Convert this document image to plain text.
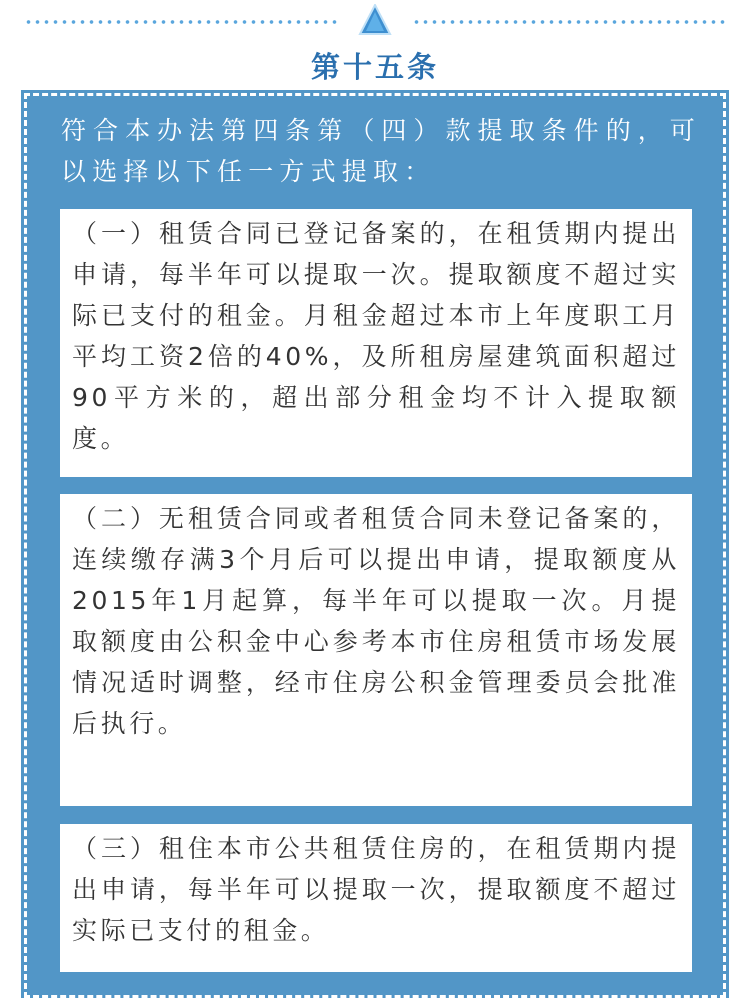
第十五条
符合本办法第四条第（四）款提取条件的，可以选择以下任一方式提取：

（一）租赁合同已登记备案的，在租赁期内提出申请，每半年可以提取一次。提取额度不超过实际已支付的租金。月租金超过本市上年度职工月平均工资2倍的40%，及所租房屋建筑面积超过90平方米的，超出部分租金均不计入提取额度。

（二）无租赁合同或者租赁合同未登记备案的，连续缴存满3个月后可以提出申请，提取额度从2015年1月起算，每半年可以提取一次。月提取额度由公积金中心参考本市住房租赁市场发展情况适时调整，经市住房公积金管理委员会批准后执行。

（三）租住本市公共租赁住房的，在租赁期内提出申请，每半年可以提取一次，提取额度不超过实际已支付的租金。
